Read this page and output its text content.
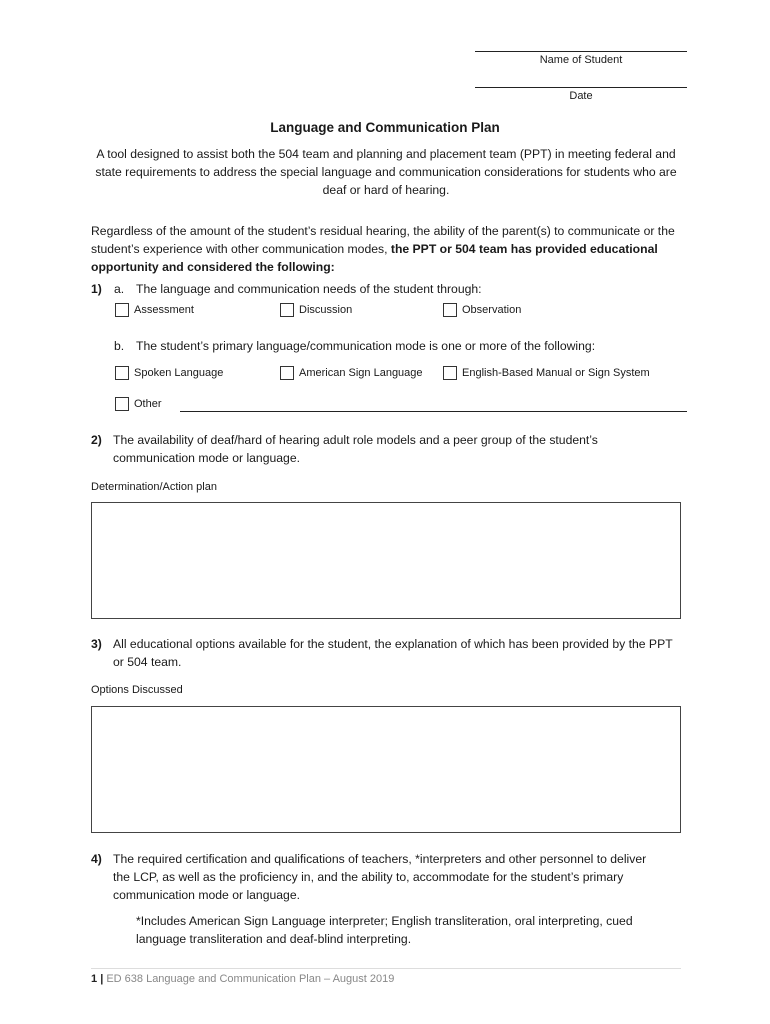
Name of Student
Date
Language and Communication Plan
A tool designed to assist both the 504 team and planning and placement team (PPT) in meeting federal and state requirements to address the special language and communication considerations for students who are deaf or hard of hearing.
Regardless of the amount of the student’s residual hearing, the ability of the parent(s) to communicate or the student’s experience with other communication modes, the PPT or 504 team has provided educational opportunity and considered the following:
1) a. The language and communication needs of the student through:
Assessment	Discussion	Observation
b. The student’s primary language/communication mode is one or more of the following:
Spoken Language	American Sign Language	English-Based Manual or Sign System
Other
2) The availability of deaf/hard of hearing adult role models and a peer group of the student’s communication mode or language.
Determination/Action plan
3) All educational options available for the student, the explanation of which has been provided by the PPT or 504 team.
Options Discussed
4) The required certification and qualifications of teachers, *interpreters and other personnel to deliver the LCP, as well as the proficiency in, and the ability to, accommodate for the student’s primary communication mode or language.
*Includes American Sign Language interpreter; English transliteration, oral interpreting, cued language transliteration and deaf-blind interpreting.
1 | ED 638 Language and Communication Plan – August 2019
